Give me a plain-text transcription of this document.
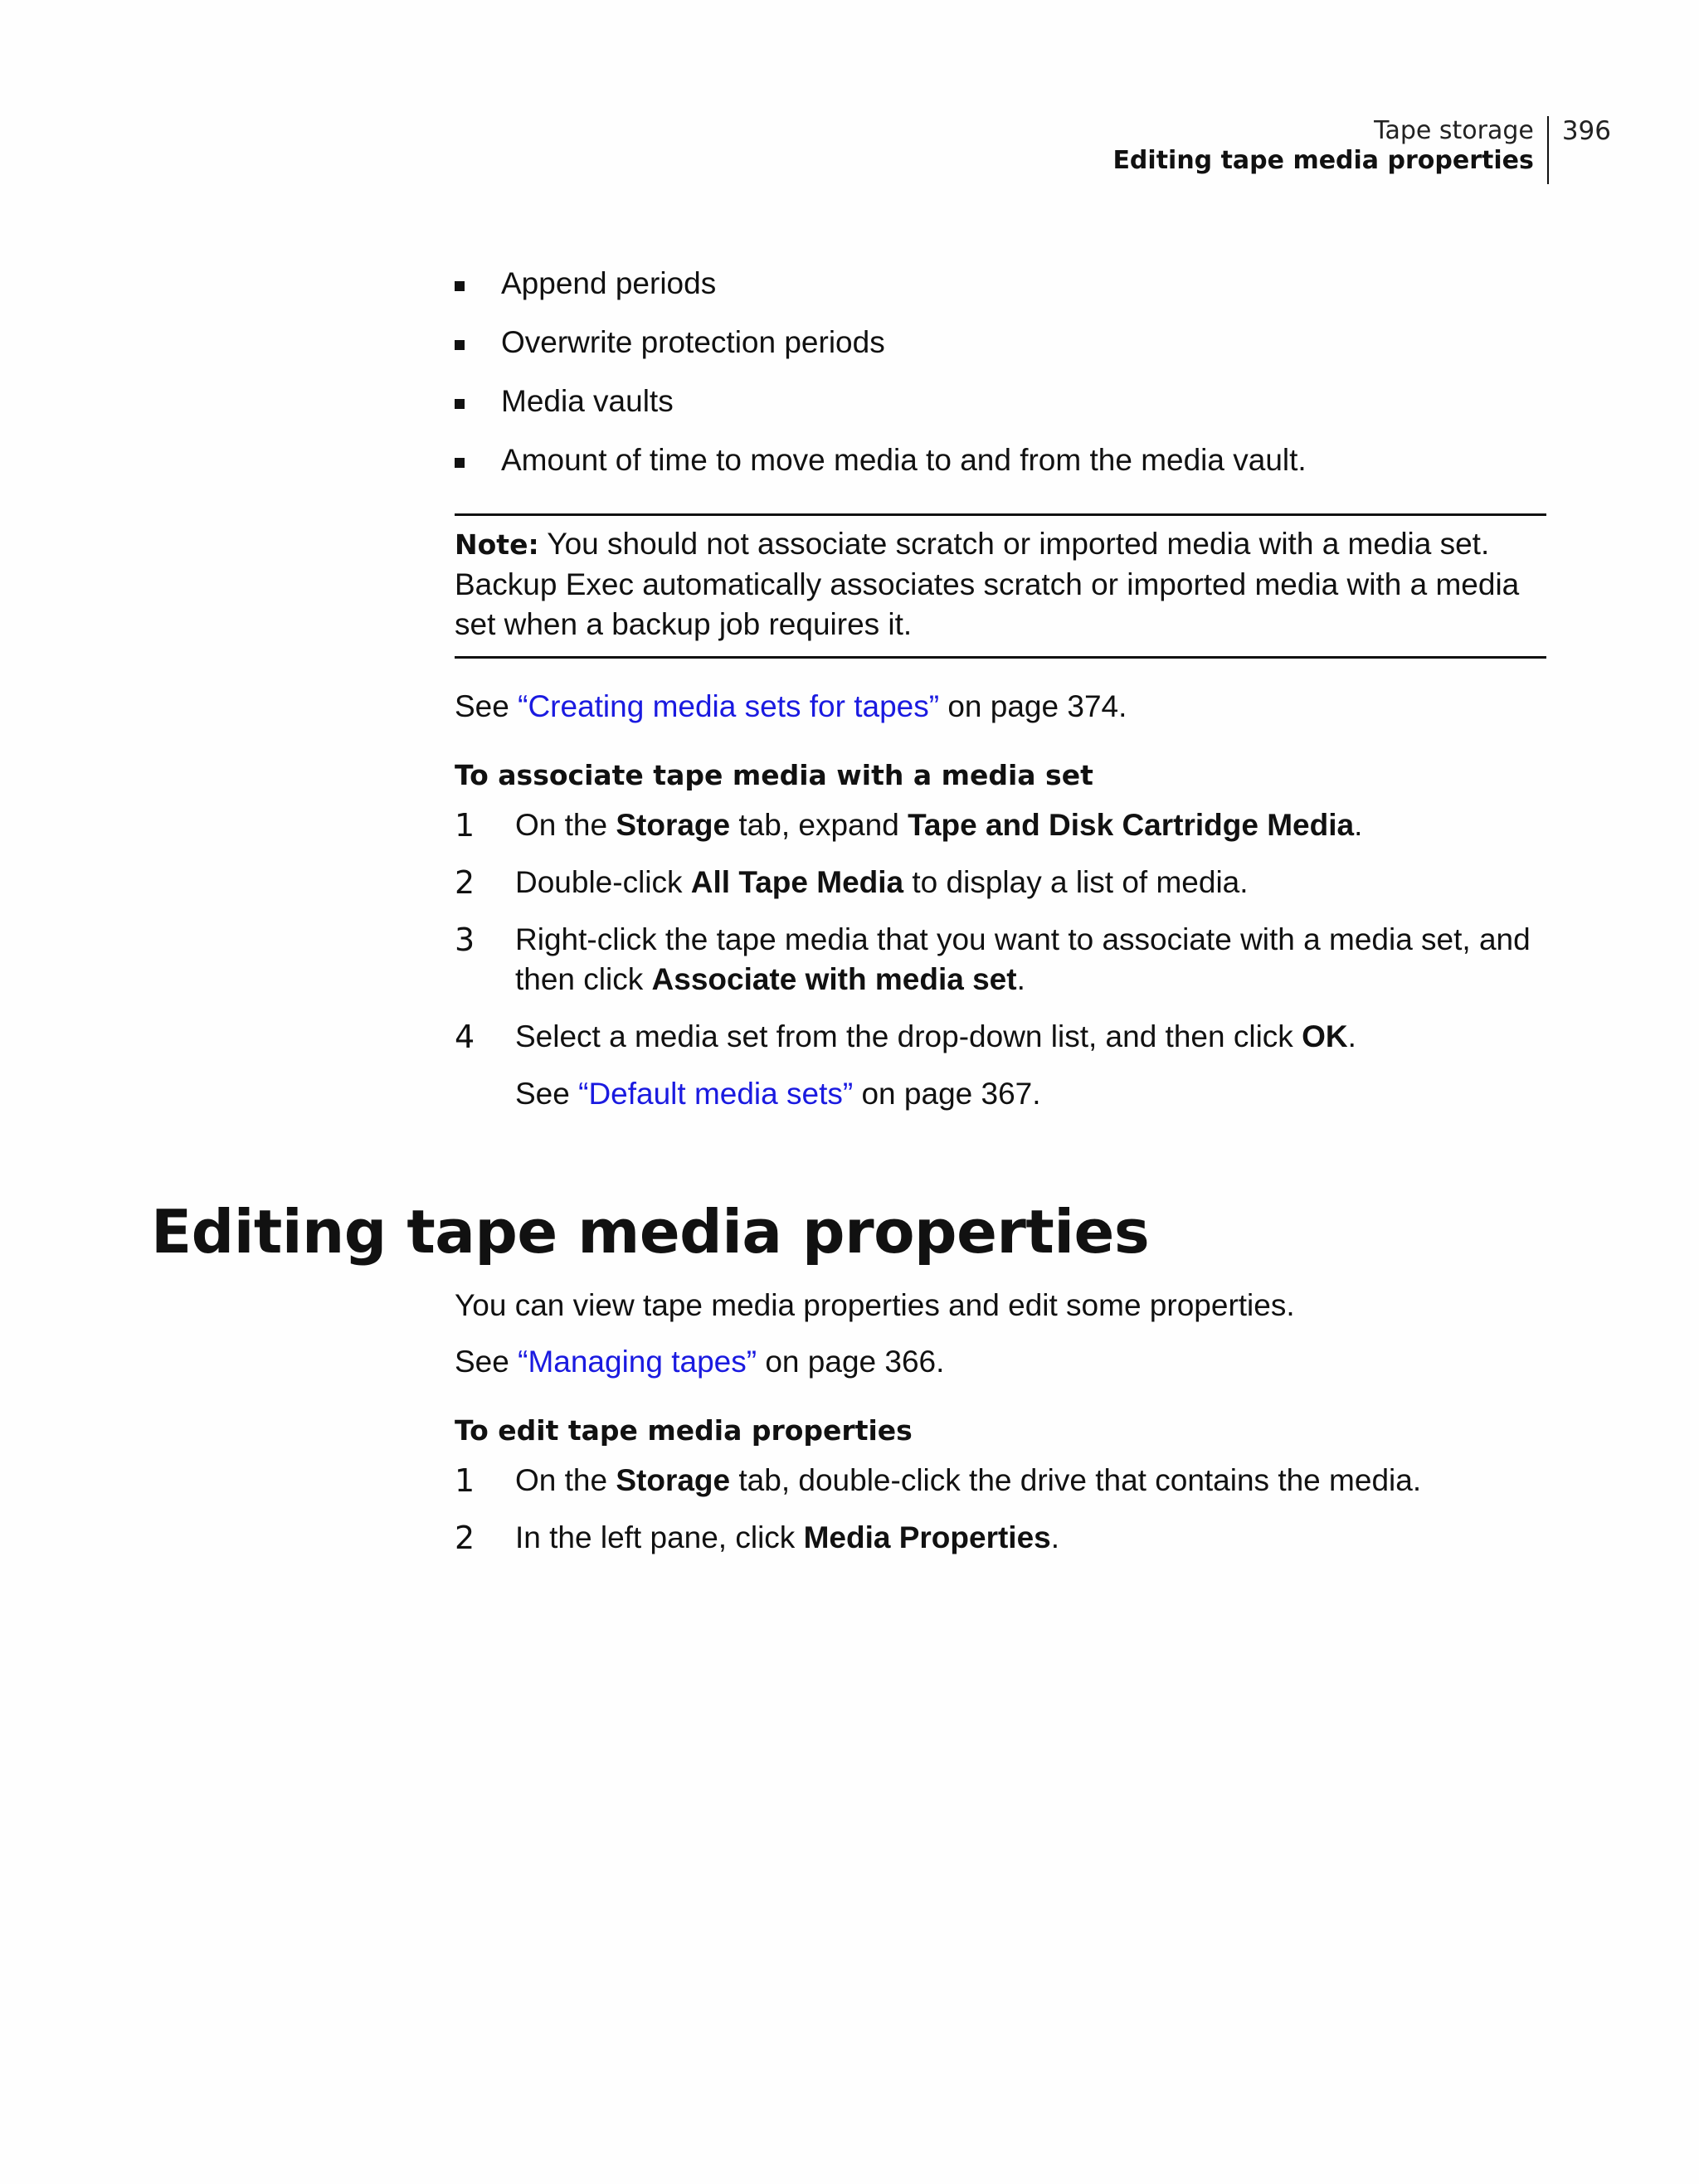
Tape storage
Editing tape media properties
396
Append periods
Overwrite protection periods
Media vaults
Amount of time to move media to and from the media vault.
Note: You should not associate scratch or imported media with a media set. Backup Exec automatically associates scratch or imported media with a media set when a backup job requires it.

See “Creating media sets for tapes” on page 374.

To associate tape media with a media set
1 On the Storage tab, expand Tape and Disk Cartridge Media.
2 Double-click All Tape Media to display a list of media.
3 Right-click the tape media that you want to associate with a media set, and then click Associate with media set.
4 Select a media set from the drop-down list, and then click OK.
See “Default media sets” on page 367.
Editing tape media properties

You can view tape media properties and edit some properties.

See “Managing tapes” on page 366.

To edit tape media properties
1 On the Storage tab, double-click the drive that contains the media.
2 In the left pane, click Media Properties.
